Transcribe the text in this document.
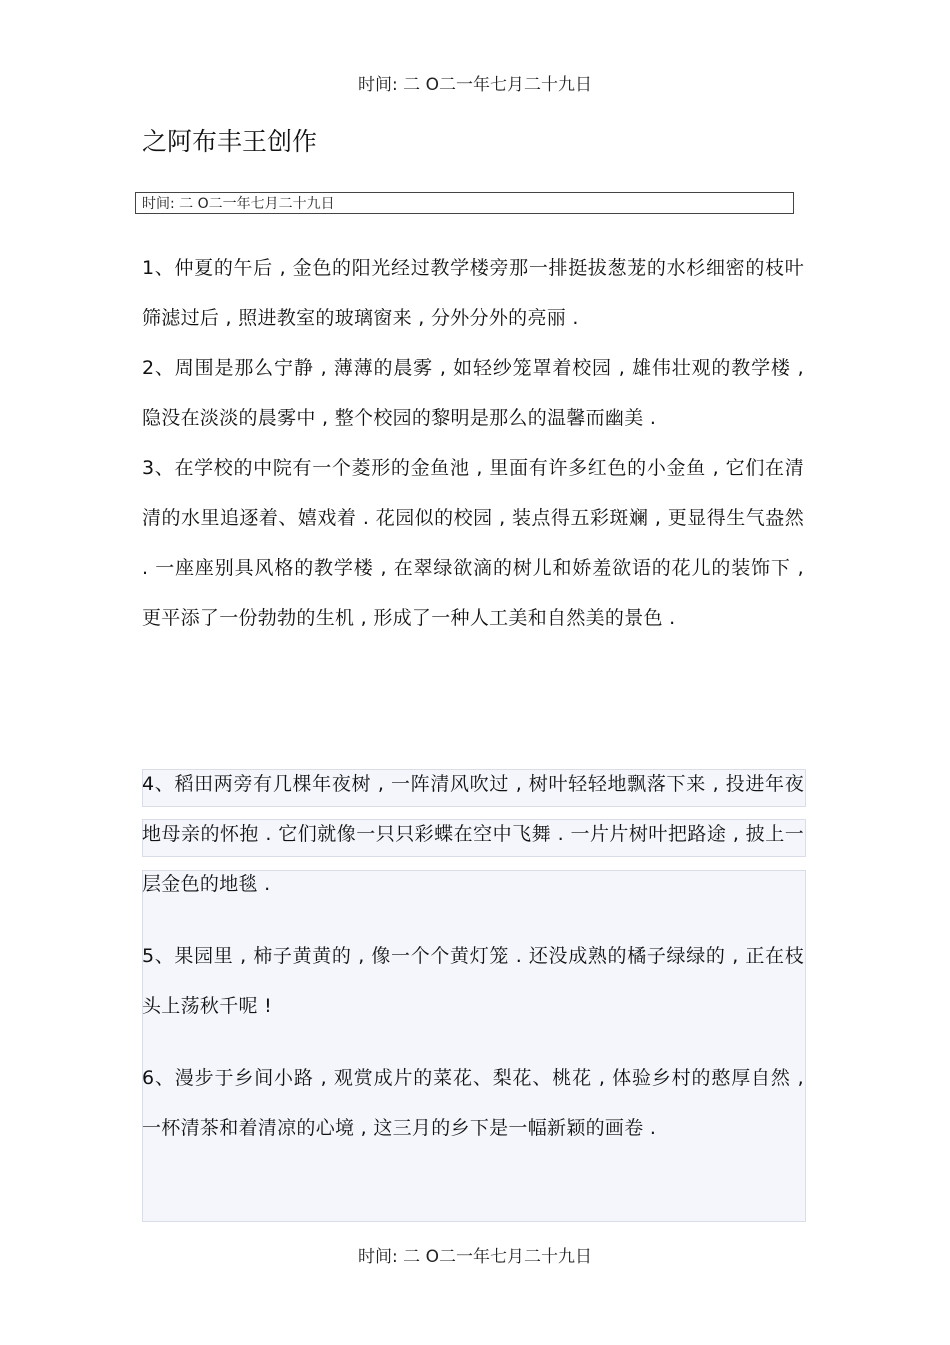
时间: 二 O二一年七月二十九日
之阿布丰王创作
时间: 二 O二一年七月二十九日

1、仲夏的午后 , 金色的阳光经过教学楼旁那一排挺拔葱茏的水杉细密的枝叶筛滤过后 , 照进教室的玻璃窗来 , 分外分外的亮丽 .

2、周围是那么宁静 , 薄薄的晨雾 , 如轻纱笼罩着校园 , 雄伟壮观的教学楼 , 隐没在淡淡的晨雾中 , 整个校园的黎明是那么的温馨而幽美 .

3、在学校的中院有一个菱形的金鱼池 , 里面有许多红色的小金鱼 , 它们在清清的水里追逐着、嬉戏着 . 花园似的校园 , 装点得五彩斑斓 , 更显得生气盎然 . 一座座别具风格的教学楼 , 在翠绿欲滴的树儿和娇羞欲语的花儿的装饰下 , 更平添了一份勃勃的生机 , 形成了一种人工美和自然美的景色 .

4、稻田两旁有几棵年夜树 , 一阵清风吹过 , 树叶轻轻地飘落下来 , 投进年夜地母亲的怀抱 . 它们就像一只只彩蝶在空中飞舞 . 一片片树叶把路途 , 披上一层金色的地毯 .

5、果园里 , 柿子黄黄的 , 像一个个黄灯笼 . 还没成熟的橘子绿绿的 , 正在枝头上荡秋千呢 !

6、漫步于乡间小路 , 观赏成片的菜花、梨花、桃花 , 体验乡村的憨厚自然 , 一杯清茶和着清凉的心境 , 这三月的乡下是一幅新颖的画卷 .

时间: 二 O二一年七月二十九日
